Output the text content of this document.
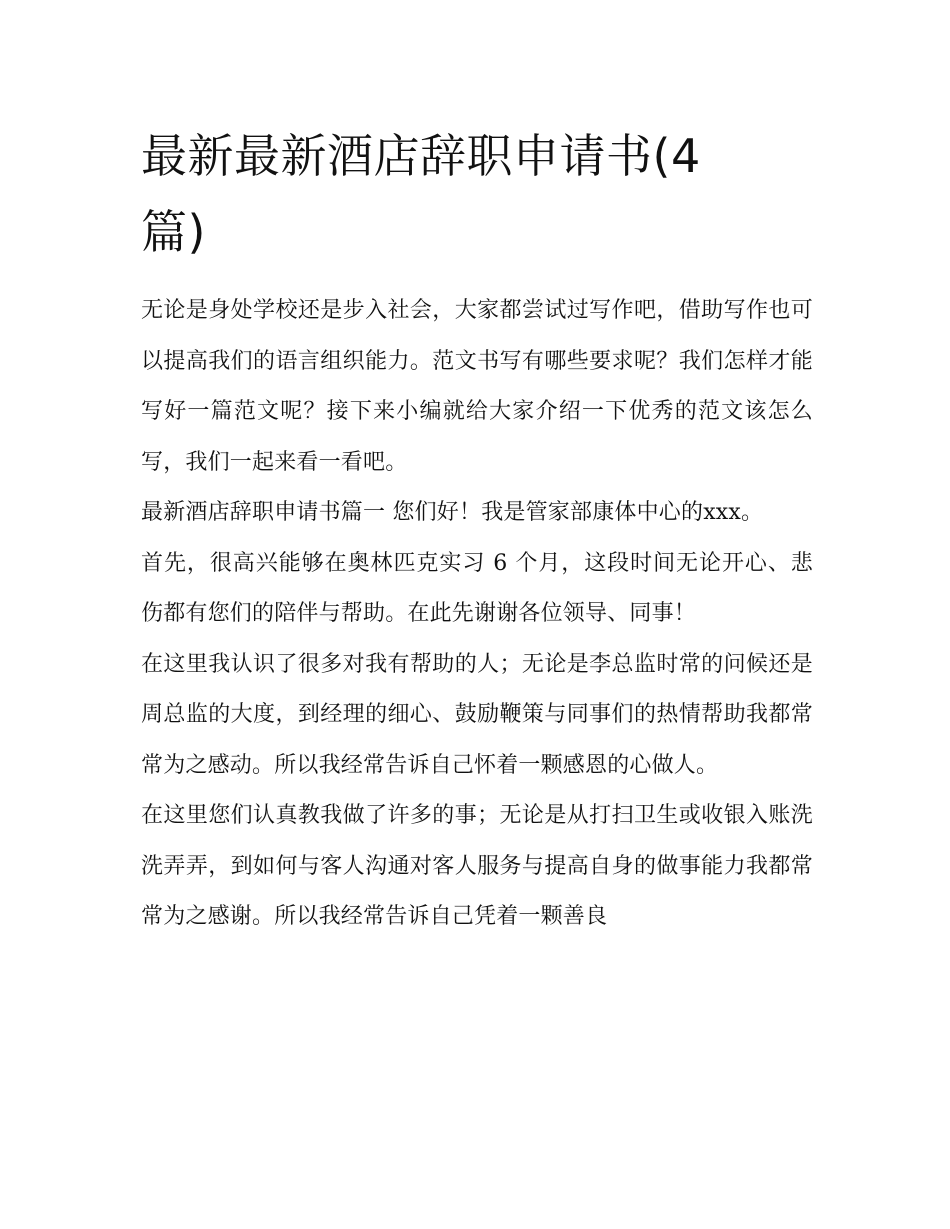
最新最新酒店辞职申请书(4篇)

无论是身处学校还是步入社会，大家都尝试过写作吧，借助写作也可以提高我们的语言组织能力。范文书写有哪些要求呢？我们怎样才能写好一篇范文呢？接下来小编就给大家介绍一下优秀的范文该怎么写，我们一起来看一看吧。

最新酒店辞职申请书篇一 您们好！我是管家部康体中心的xxx。

首先，很高兴能够在奥林匹克实习 6 个月，这段时间无论开心、悲伤都有您们的陪伴与帮助。在此先谢谢各位领导、同事！

在这里我认识了很多对我有帮助的人；无论是李总监时常的问候还是周总监的大度，到经理的细心、鼓励鞭策与同事们的热情帮助我都常常为之感动。所以我经常告诉自己怀着一颗感恩的心做人。

在这里您们认真教我做了许多的事；无论是从打扫卫生或收银入账洗洗弄弄，到如何与客人沟通对客人服务与提高自身的做事能力我都常常为之感谢。所以我经常告诉自己凭着一颗善良
